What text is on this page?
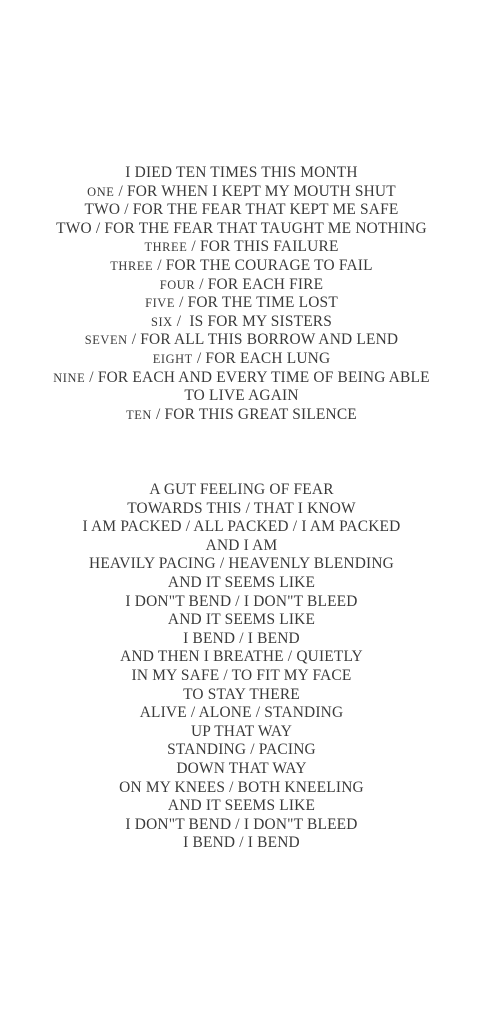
I DIED TEN TIMES THIS MONTH
ONE / FOR WHEN I KEPT MY MOUTH SHUT
TWO / FOR THE FEAR THAT KEPT ME SAFE
TWO / FOR THE FEAR THAT TAUGHT ME NOTHING
THREE / FOR THIS FAILURE
THREE / FOR THE COURAGE TO FAIL
FOUR / FOR EACH FIRE
FIVE / FOR THE TIME LOST
SIX /  IS FOR MY SISTERS
SEVEN / FOR ALL THIS BORROW AND LEND
EIGHT / FOR EACH LUNG
NINE / FOR EACH AND EVERY TIME OF BEING ABLE
TO LIVE AGAIN
TEN / FOR THIS GREAT SILENCE
A GUT FEELING OF FEAR
TOWARDS THIS / THAT I KNOW
I AM PACKED / ALL PACKED / I AM PACKED
AND I AM
HEAVILY PACING / HEAVENLY BLENDING
AND IT SEEMS LIKE
I DON"T BEND / I DON"T BLEED
AND IT SEEMS LIKE
I BEND / I BEND
AND THEN I BREATHE / QUIETLY
IN MY SAFE / TO FIT MY FACE
TO STAY THERE
ALIVE / ALONE / STANDING
UP THAT WAY
STANDING / PACING
DOWN THAT WAY
ON MY KNEES / BOTH KNEELING
AND IT SEEMS LIKE
I DON"T BEND / I DON"T BLEED
I BEND / I BEND
